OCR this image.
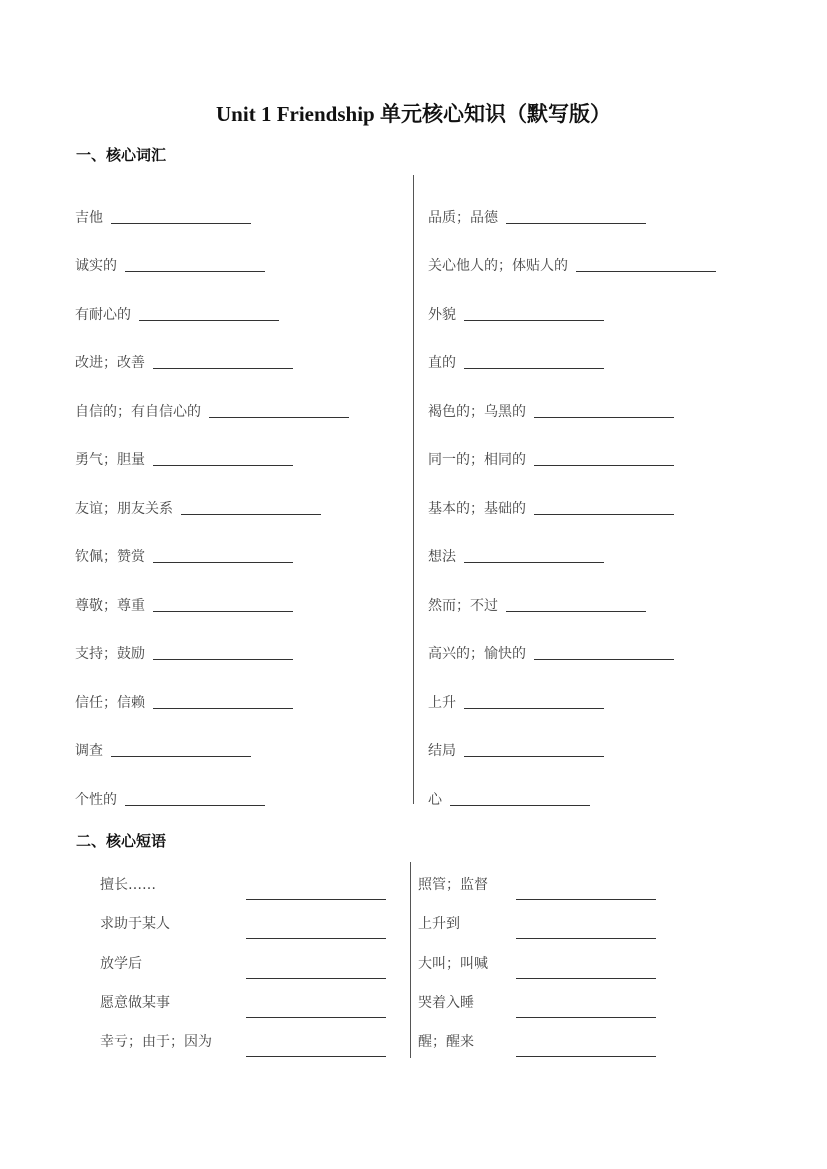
Unit 1 Friendship 单元核心知识（默写版）
一、核心词汇
吉他
诚实的
有耐心的
改进；改善
自信的；有自信心的
勇气；胆量
友谊；朋友关系
钦佩；赞赏
尊敬；尊重
支持；鼓励
信任；信赖
调查
个性的
品质；品德
关心他人的；体贴人的
外貌
直的
褐色的；乌黑的
同一的；相同的
基本的；基础的
想法
然而；不过
高兴的；愉快的
上升
结局
心
二、核心短语
擅长……
求助于某人
放学后
愿意做某事
幸亏；由于；因为
照管；监督
上升到
大叫；叫喊
哭着入睡
醒；醒来
